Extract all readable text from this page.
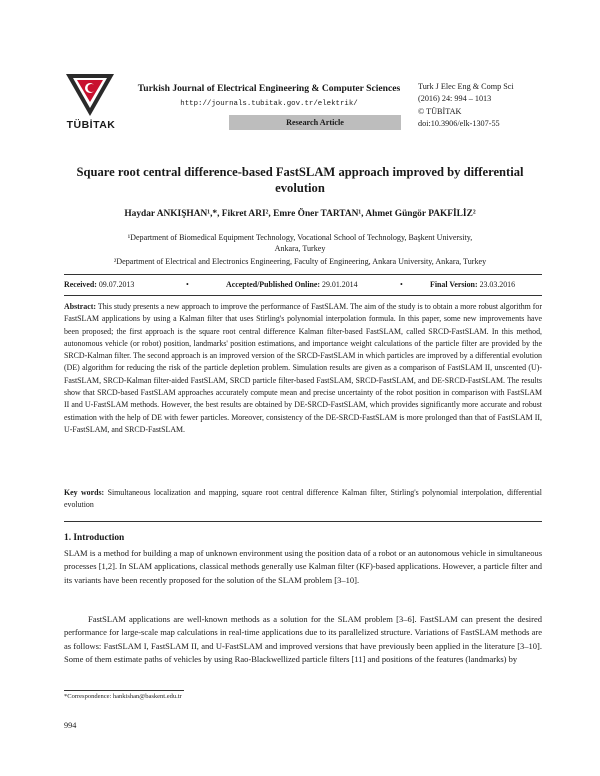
TÜBİTAK
Turkish Journal of Electrical Engineering & Computer Sciences
http://journals.tubitak.gov.tr/elektrik/
Research Article
Turk J Elec Eng & Comp Sci
(2016) 24: 994 – 1013
© TÜBİTAK
doi:10.3906/elk-1307-55
Square root central difference-based FastSLAM approach improved by differential evolution
Haydar ANKIŞHAN¹,*, Fikret ARI², Emre Öner TARTAN¹, Ahmet Güngör PAKFİLİZ²
¹Department of Biomedical Equipment Technology, Vocational School of Technology, Başkent University,
Ankara, Turkey
²Department of Electrical and Electronics Engineering, Faculty of Engineering, Ankara University, Ankara, Turkey
Received: 09.07.2013	•	Accepted/Published Online: 29.01.2014	•	Final Version: 23.03.2016
Abstract: This study presents a new approach to improve the performance of FastSLAM. The aim of the study is to obtain a more robust algorithm for FastSLAM applications by using a Kalman filter that uses Stirling's polynomial interpolation formula. In this paper, some new improvements have been proposed; the first approach is the square root central difference Kalman filter-based FastSLAM, called SRCD-FastSLAM. In this method, autonomous vehicle (or robot) position, landmarks' position estimations, and importance weight calculations of the particle filter are provided by the SRCD-Kalman filter. The second approach is an improved version of the SRCD-FastSLAM in which particles are improved by a differential evolution (DE) algorithm for reducing the risk of the particle depletion problem. Simulation results are given as a comparison of FastSLAM II, unscented (U)-FastSLAM, SRCD-Kalman filter-aided FastSLAM, SRCD particle filter-based FastSLAM, SRCD-FastSLAM, and DE-SRCD-FastSLAM. The results show that SRCD-based FastSLAM approaches accurately compute mean and precise uncertainty of the robot position in comparison with FastSLAM II and U-FastSLAM methods. However, the best results are obtained by DE-SRCD-FastSLAM, which provides significantly more accurate and robust estimation with the help of DE with fewer particles. Moreover, consistency of the DE-SRCD-FastSLAM is more prolonged than that of FastSLAM II, U-FastSLAM, and SRCD-FastSLAM.
Key words: Simultaneous localization and mapping, square root central difference Kalman filter, Stirling's polynomial interpolation, differential evolution
1. Introduction
SLAM is a method for building a map of unknown environment using the position data of a robot or an autonomous vehicle in simultaneous processes [1,2]. In SLAM applications, classical methods generally use Kalman filter (KF)-based applications. However, a particle filter and its variants have been recently proposed for the solution of the SLAM problem [3–10].
FastSLAM applications are well-known methods as a solution for the SLAM problem [3–6]. FastSLAM can present the desired performance for large-scale map calculations in real-time applications due to its parallelized structure. Variations of FastSLAM methods are as follows: FastSLAM I, FastSLAM II, and U-FastSLAM and improved versions that have previously been applied in the literature [3–10]. Some of them estimate paths of vehicles by using Rao-Blackwellized particle filters [11] and positions of the features (landmarks) by
*Correspondence: hankishan@baskent.edu.tr
994
